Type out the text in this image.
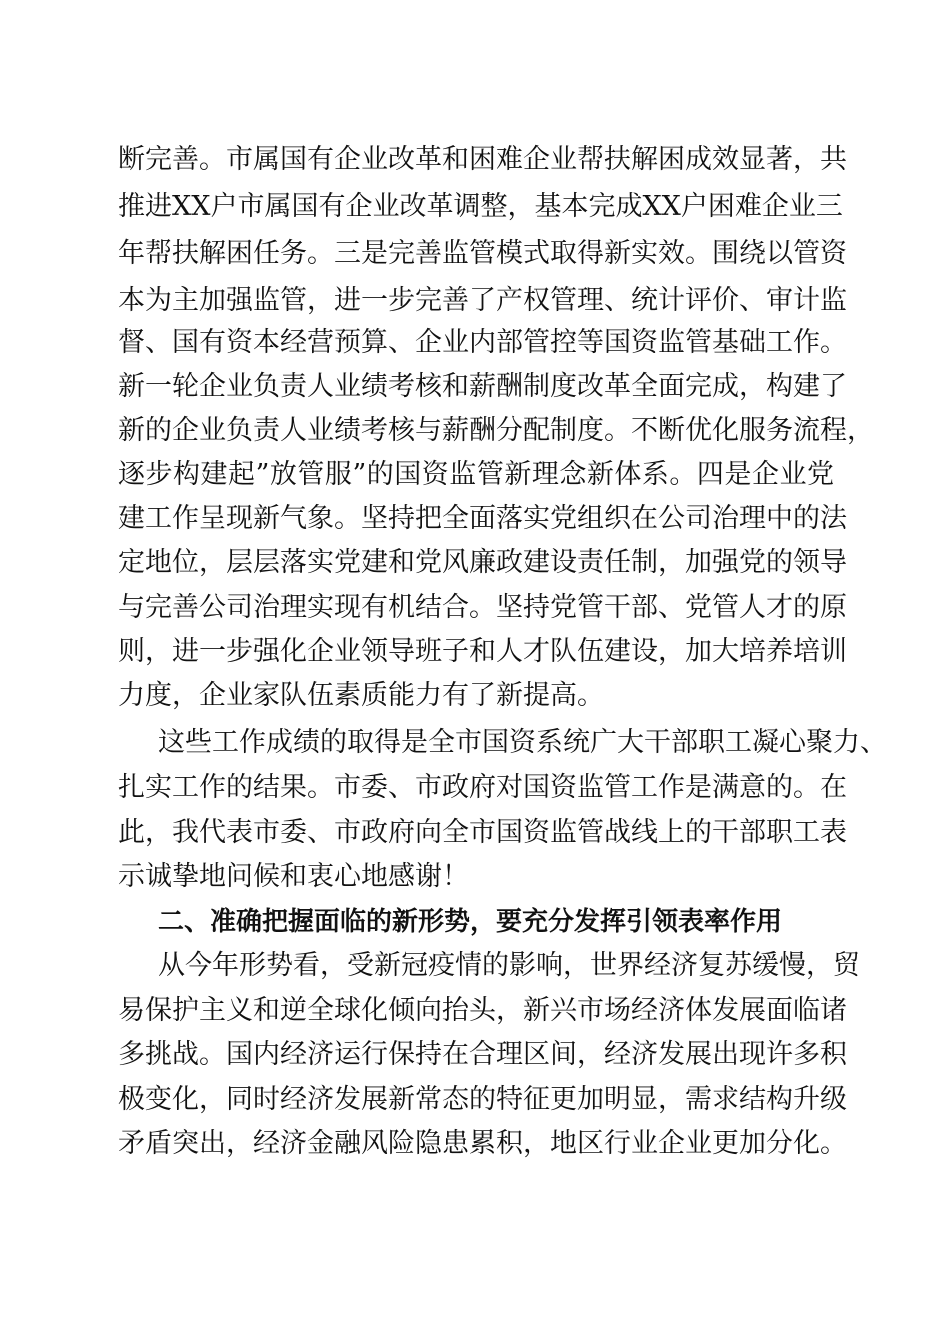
断完善。市属国有企业改革和困难企业帮扶解困成效显著，共
推进XX户市属国有企业改革调整，基本完成XX户困难企业三
年帮扶解困任务。三是完善监管模式取得新实效。围绕以管资
本为主加强监管，进一步完善了产权管理、统计评价、审计监
督、国有资本经营预算、企业内部管控等国资监管基础工作。
新一轮企业负责人业绩考核和薪酬制度改革全面完成，构建了
新的企业负责人业绩考核与薪酬分配制度。不断优化服务流程，
逐步构建起”放管服”的国资监管新理念新体系。四是企业党
建工作呈现新气象。坚持把全面落实党组织在公司治理中的法
定地位，层层落实党建和党风廉政建设责任制，加强党的领导
与完善公司治理实现有机结合。坚持党管干部、党管人才的原
则，进一步强化企业领导班子和人才队伍建设，加大培养培训
力度，企业家队伍素质能力有了新提高。
这些工作成绩的取得是全市国资系统广大干部职工凝心聚力、
扎实工作的结果。市委、市政府对国资监管工作是满意的。在
此，我代表市委、市政府向全市国资监管战线上的干部职工表
示诚挚地问候和衷心地感谢！
二、准确把握面临的新形势，要充分发挥引领表率作用
从今年形势看，受新冠疫情的影响，世界经济复苏缓慢，贸
易保护主义和逆全球化倾向抬头，新兴市场经济体发展面临诸
多挑战。国内经济运行保持在合理区间，经济发展出现许多积
极变化，同时经济发展新常态的特征更加明显，需求结构升级
矛盾突出，经济金融风险隐患累积，地区行业企业更加分化。
